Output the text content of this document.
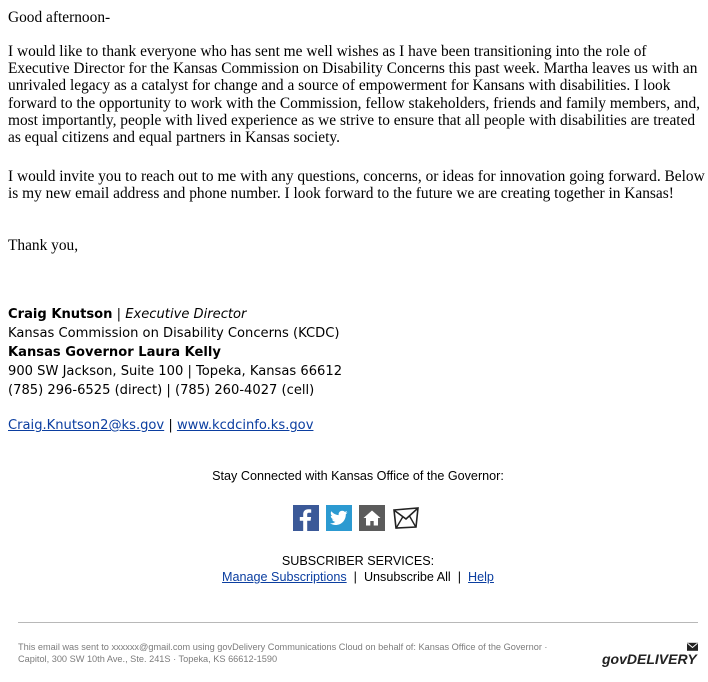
Good afternoon-

I would like to thank everyone who has sent me well wishes as I have been transitioning into the role of Executive Director for the Kansas Commission on Disability Concerns this past week. Martha leaves us with an unrivaled legacy as a catalyst for change and a source of empowerment for Kansans with disabilities. I look forward to the opportunity to work with the Commission, fellow stakeholders, friends and family members, and, most importantly, people with lived experience as we strive to ensure that all people with disabilities are treated as equal citizens and equal partners in Kansas society.

I would invite you to reach out to me with any questions, concerns, or ideas for innovation going forward. Below is my new email address and phone number. I look forward to the future we are creating together in Kansas!

Thank you,
Craig Knutson | Executive Director
Kansas Commission on Disability Concerns (KCDC)
Kansas Governor Laura Kelly
900 SW Jackson, Suite 100 | Topeka, Kansas 66612
(785) 296-6525 (direct) | (785) 260-4027 (cell)
Craig.Knutson2@ks.gov | www.kcdcinfo.ks.gov
Stay Connected with Kansas Office of the Governor:
SUBSCRIBER SERVICES:
Manage Subscriptions  |  Unsubscribe All  |  Help
This email was sent to xxxxxx@gmail.com using govDelivery Communications Cloud on behalf of: Kansas Office of the Governor ·
Capitol, 300 SW 10th Ave., Ste. 241S · Topeka, KS 66612-1590	govDELIVERY
